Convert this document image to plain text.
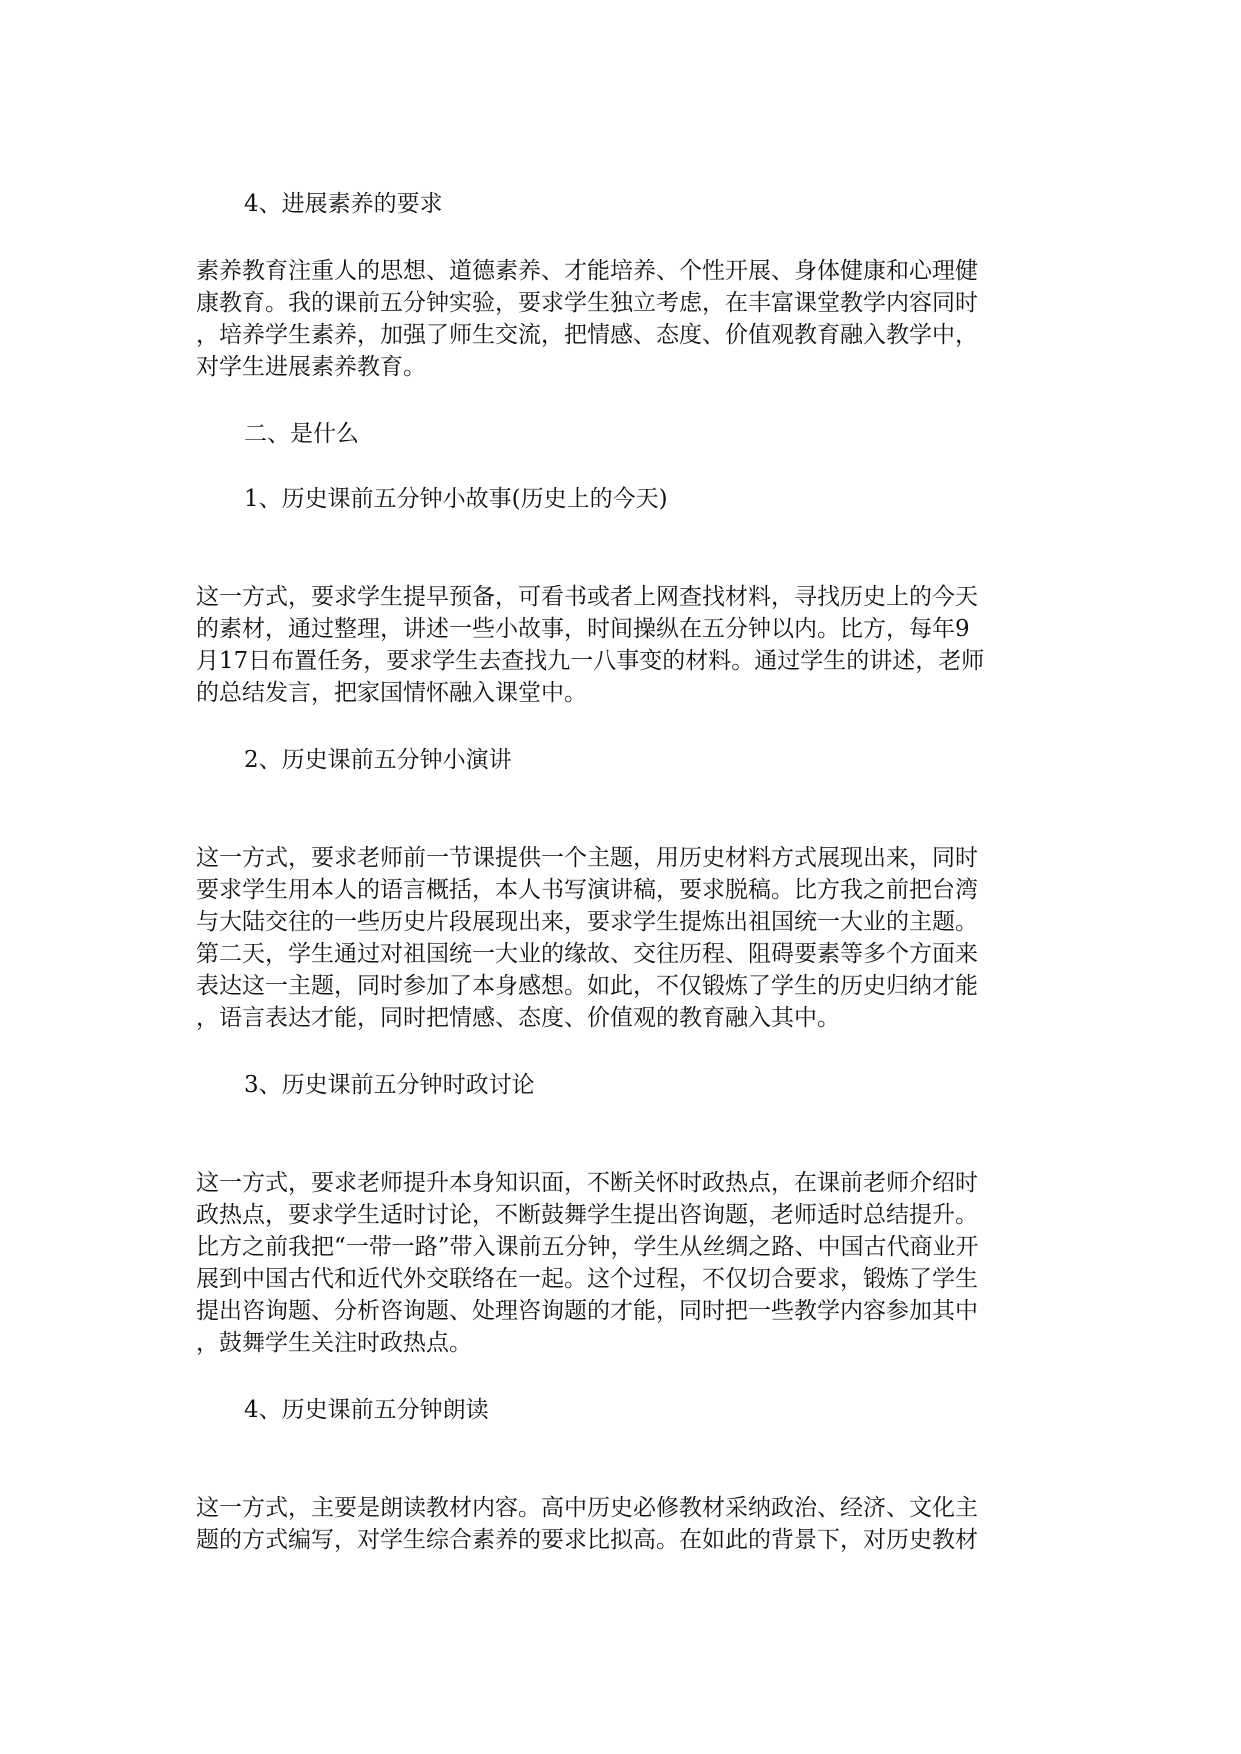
4、进展素养的要求
素养教育注重人的思想、道德素养、才能培养、个性开展、身体健康和心理健
康教育。我的课前五分钟实验，要求学生独立考虑，在丰富课堂教学内容同时
，培养学生素养，加强了师生交流，把情感、态度、价值观教育融入教学中，
对学生进展素养教育。
二、是什么
1、历史课前五分钟小故事(历史上的今天)
这一方式，要求学生提早预备，可看书或者上网查找材料，寻找历史上的今天
的素材，通过整理，讲述一些小故事，时间操纵在五分钟以内。比方，每年9
月17日布置任务，要求学生去查找九一八事变的材料。通过学生的讲述，老师
的总结发言，把家国情怀融入课堂中。
2、历史课前五分钟小演讲
这一方式，要求老师前一节课提供一个主题，用历史材料方式展现出来，同时
要求学生用本人的语言概括，本人书写演讲稿，要求脱稿。比方我之前把台湾
与大陆交往的一些历史片段展现出来，要求学生提炼出祖国统一大业的主题。
第二天，学生通过对祖国统一大业的缘故、交往历程、阻碍要素等多个方面来
表达这一主题，同时参加了本身感想。如此，不仅锻炼了学生的历史归纳才能
，语言表达才能，同时把情感、态度、价值观的教育融入其中。
3、历史课前五分钟时政讨论
这一方式，要求老师提升本身知识面，不断关怀时政热点，在课前老师介绍时
政热点，要求学生适时讨论，不断鼓舞学生提出咨询题，老师适时总结提升。
比方之前我把“一带一路”带入课前五分钟，学生从丝绸之路、中国古代商业开
展到中国古代和近代外交联络在一起。这个过程，不仅切合要求，锻炼了学生
提出咨询题、分析咨询题、处理咨询题的才能，同时把一些教学内容参加其中
，鼓舞学生关注时政热点。
4、历史课前五分钟朗读
这一方式，主要是朗读教材内容。高中历史必修教材采纳政治、经济、文化主
题的方式编写，对学生综合素养的要求比拟高。在如此的背景下，对历史教材
